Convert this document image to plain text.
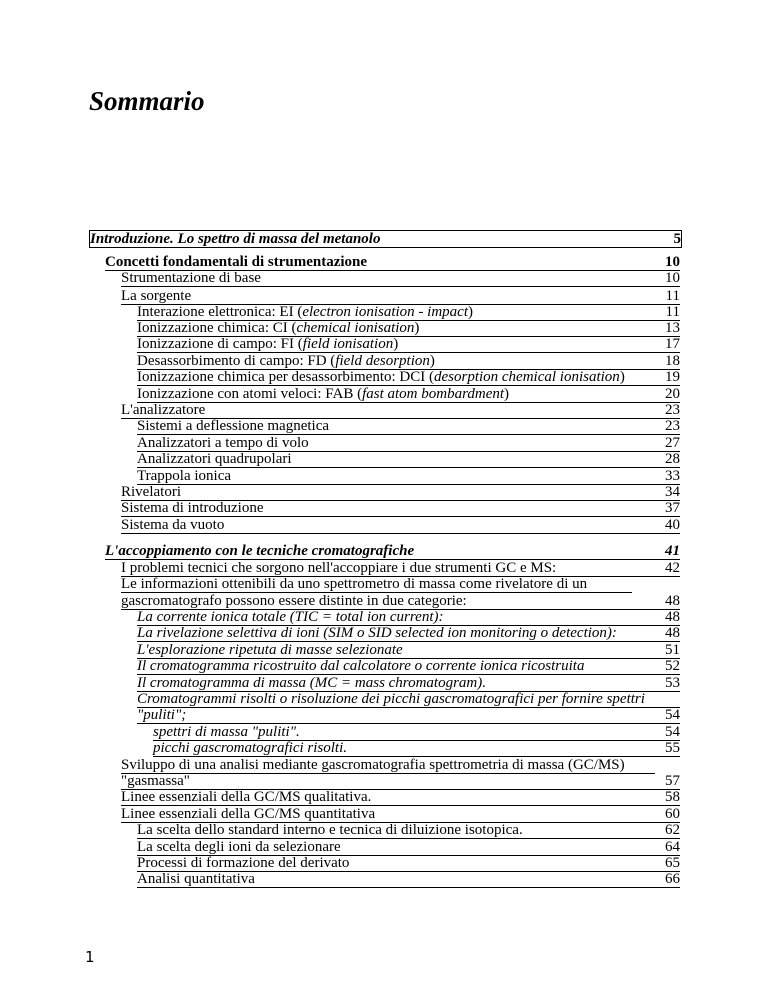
Sommario
Introduzione. Lo spettro di massa del metanolo	5
Concetti fondamentali di strumentazione	10
Strumentazione di base	10
La sorgente	11
Interazione elettronica: EI (electron ionisation - impact)	11
Ionizzazione chimica: CI (chemical ionisation)	13
Ionizzazione di campo: FI (field ionisation)	17
Desassorbimento di campo: FD (field desorption)	18
Ionizzazione chimica per desassorbimento: DCI (desorption chemical ionisation)	19
Ionizzazione con atomi veloci: FAB (fast atom bombardment)	20
L'analizzatore	23
Sistemi a deflessione magnetica	23
Analizzatori a tempo di volo	27
Analizzatori quadrupolari	28
Trappola ionica	33
Rivelatori	34
Sistema di introduzione	37
Sistema da vuoto	40
L'accoppiamento con le tecniche cromatografiche	41
I problemi tecnici che sorgono nell'accoppiare i due strumenti GC e MS:	42
Le informazioni ottenibili da uno spettrometro di massa come rivelatore di un
gascromatografo possono essere distinte in due categorie:	48
La corrente ionica totale (TIC = total ion current):	48
La rivelazione selettiva di ioni (SIM o SID selected ion monitoring o detection):	48
L'esplorazione ripetuta di masse selezionate	51
Il cromatogramma ricostruito dal calcolatore o corrente ionica ricostruita	52
Il cromatogramma di massa (MC = mass chromatogram).	53
Cromatogrammi risolti o risoluzione dei picchi gascromatografici per fornire spettri
"puliti";	54
spettri di massa "puliti".	54
picchi gascromatografici risolti.	55
Sviluppo di una analisi mediante gascromatografia spettrometria di massa (GC/MS)
"gasmassa"	57
Linee essenziali della GC/MS qualitativa.	58
Linee essenziali della GC/MS quantitativa	60
La scelta dello standard interno e tecnica di diluizione isotopica.	62
La scelta degli ioni da selezionare	64
Processi di formazione del derivato	65
Analisi quantitativa	66
1
